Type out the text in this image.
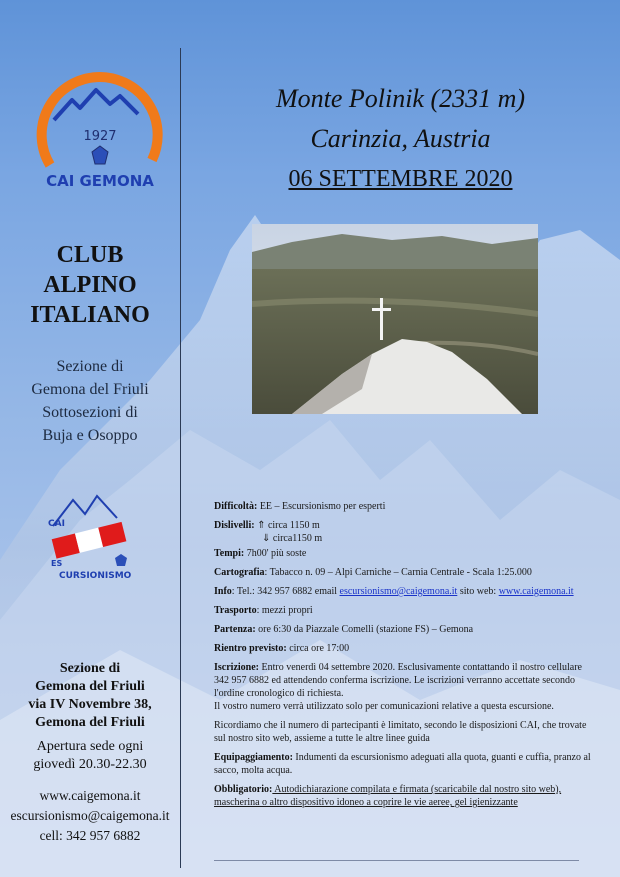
1927
CAI GEMONA
CLUB
ALPINO
ITALIANO
Sezione di
Gemona del Friuli
Sottosezioni di
Buja e Osoppo
CAI
ES
CURSIONISMO
Sezione di
Gemona del Friuli
via IV Novembre 38,
Gemona del Friuli
Apertura sede ogni
giovedì 20.30-22.30
www.caigemona.it
escursionismo@caigemona.it
cell: 342 957 6882
Monte Polinik (2331 m)
Carinzia, Austria
06 SETTEMBRE 2020

Difficoltà: EE – Escursionismo per esperti

Dislivelli: ⇑ circa 1150 m

⇓ circa1150 m

Tempi: 7h00' più soste

Cartografia: Tabacco n. 09 – Alpi Carniche – Carnia Centrale - Scala 1:25.000

Info: Tel.: 342 957 6882 email escursionismo@caigemona.it sito web: www.caigemona.it

Trasporto: mezzi propri

Partenza: ore 6:30 da Piazzale Comelli (stazione FS) – Gemona

Rientro previsto: circa ore 17:00

Iscrizione: Entro venerdì 04 settembre 2020. Esclusivamente contattando il nostro cellulare 342 957 6882 ed attendendo conferma iscrizione. Le iscrizioni verranno accettate secondo l'ordine cronologico di richiesta.

Il vostro numero verrà utilizzato solo per comunicazioni relative a questa escursione.

Ricordiamo che il numero di partecipanti è limitato, secondo le disposizioni CAI, che trovate sul nostro sito web, assieme a tutte le altre linee guida

Equipaggiamento: Indumenti da escursionismo adeguati alla quota, guanti e cuffia, pranzo al sacco, molta acqua.

Obbligatorio: Autodichiarazione compilata e firmata (scaricabile dal nostro sito web), mascherina o altro dispositivo idoneo a coprire le vie aeree, gel igienizzante
